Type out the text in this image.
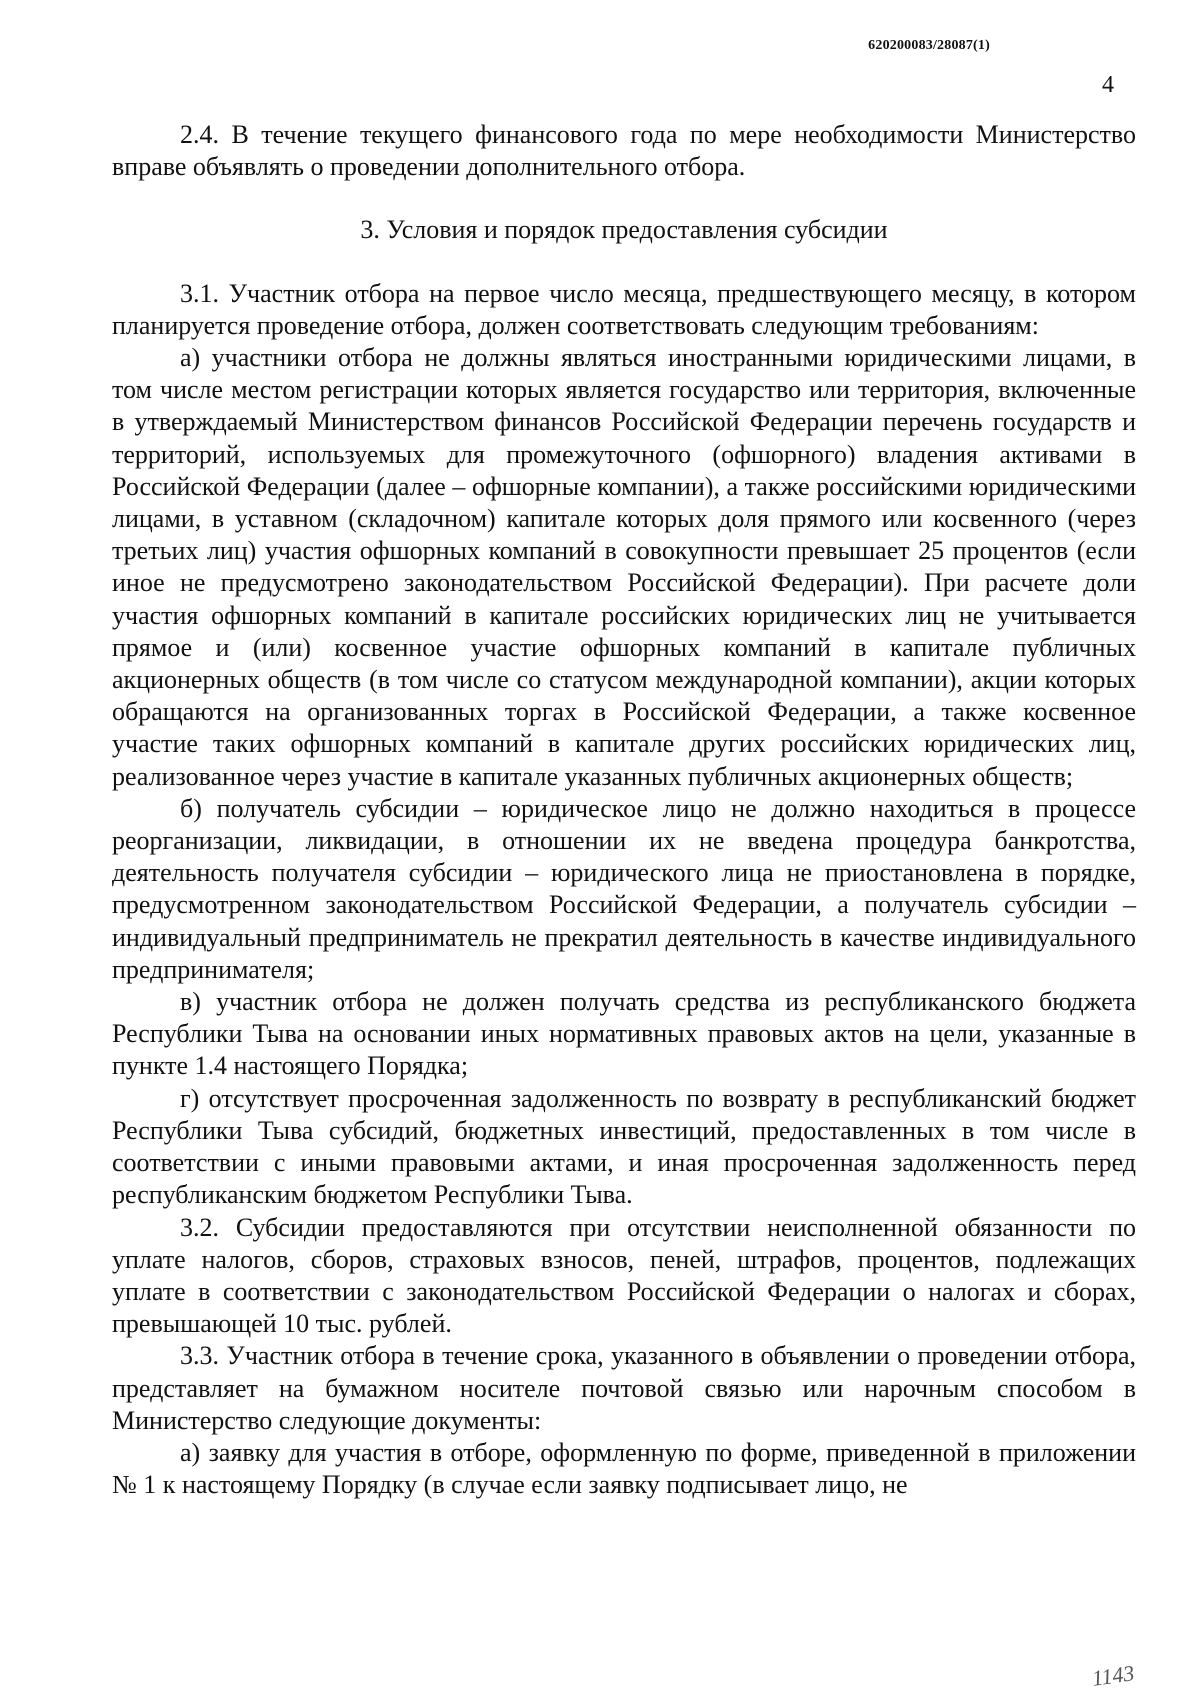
620200083/28087(1)
4

2.4. В течение текущего финансового года по мере необходимости Министерство вправе объявлять о проведении дополнительного отбора.

3. Условия и порядок предоставления субсидии

3.1. Участник отбора на первое число месяца, предшествующего месяцу, в котором планируется проведение отбора, должен соответствовать следующим требованиям:

а) участники отбора не должны являться иностранными юридическими лицами, в том числе местом регистрации которых является государство или территория, включенные в утверждаемый Министерством финансов Российской Федерации перечень государств и территорий, используемых для промежуточного (офшорного) владения активами в Российской Федерации (далее – офшорные компании), а также российскими юридическими лицами, в уставном (складочном) капитале которых доля прямого или косвенного (через третьих лиц) участия офшорных компаний в совокупности превышает 25 процентов (если иное не предусмотрено законодательством Российской Федерации). При расчете доли участия офшорных компаний в капитале российских юридических лиц не учитывается прямое и (или) косвенное участие офшорных компаний в капитале публичных акционерных обществ (в том числе со статусом международной компании), акции которых обращаются на организованных торгах в Российской Федерации, а также косвенное участие таких офшорных компаний в капитале других российских юридических лиц, реализованное через участие в капитале указанных публичных акционерных обществ;

б) получатель субсидии – юридическое лицо не должно находиться в процессе реорганизации, ликвидации, в отношении их не введена процедура банкротства, деятельность получателя субсидии – юридического лица не приостановлена в порядке, предусмотренном законодательством Российской Федерации, а получатель субсидии – индивидуальный предприниматель не прекратил деятельность в качестве индивидуального предпринимателя;

в) участник отбора не должен получать средства из республиканского бюджета Республики Тыва на основании иных нормативных правовых актов на цели, указанные в пункте 1.4 настоящего Порядка;

г) отсутствует просроченная задолженность по возврату в республиканский бюджет Республики Тыва субсидий, бюджетных инвестиций, предоставленных в том числе в соответствии с иными правовыми актами, и иная просроченная задолженность перед республиканским бюджетом Республики Тыва.

3.2. Субсидии предоставляются при отсутствии неисполненной обязанности по уплате налогов, сборов, страховых взносов, пеней, штрафов, процентов, подлежащих уплате в соответствии с законодательством Российской Федерации о налогах и сборах, превышающей 10 тыс. рублей.

3.3. Участник отбора в течение срока, указанного в объявлении о проведении отбора, представляет на бумажном носителе почтовой связью или нарочным способом в Министерство следующие документы:

а) заявку для участия в отборе, оформленную по форме, приведенной в приложении № 1 к настоящему Порядку (в случае если заявку подписывает лицо, не

1143
